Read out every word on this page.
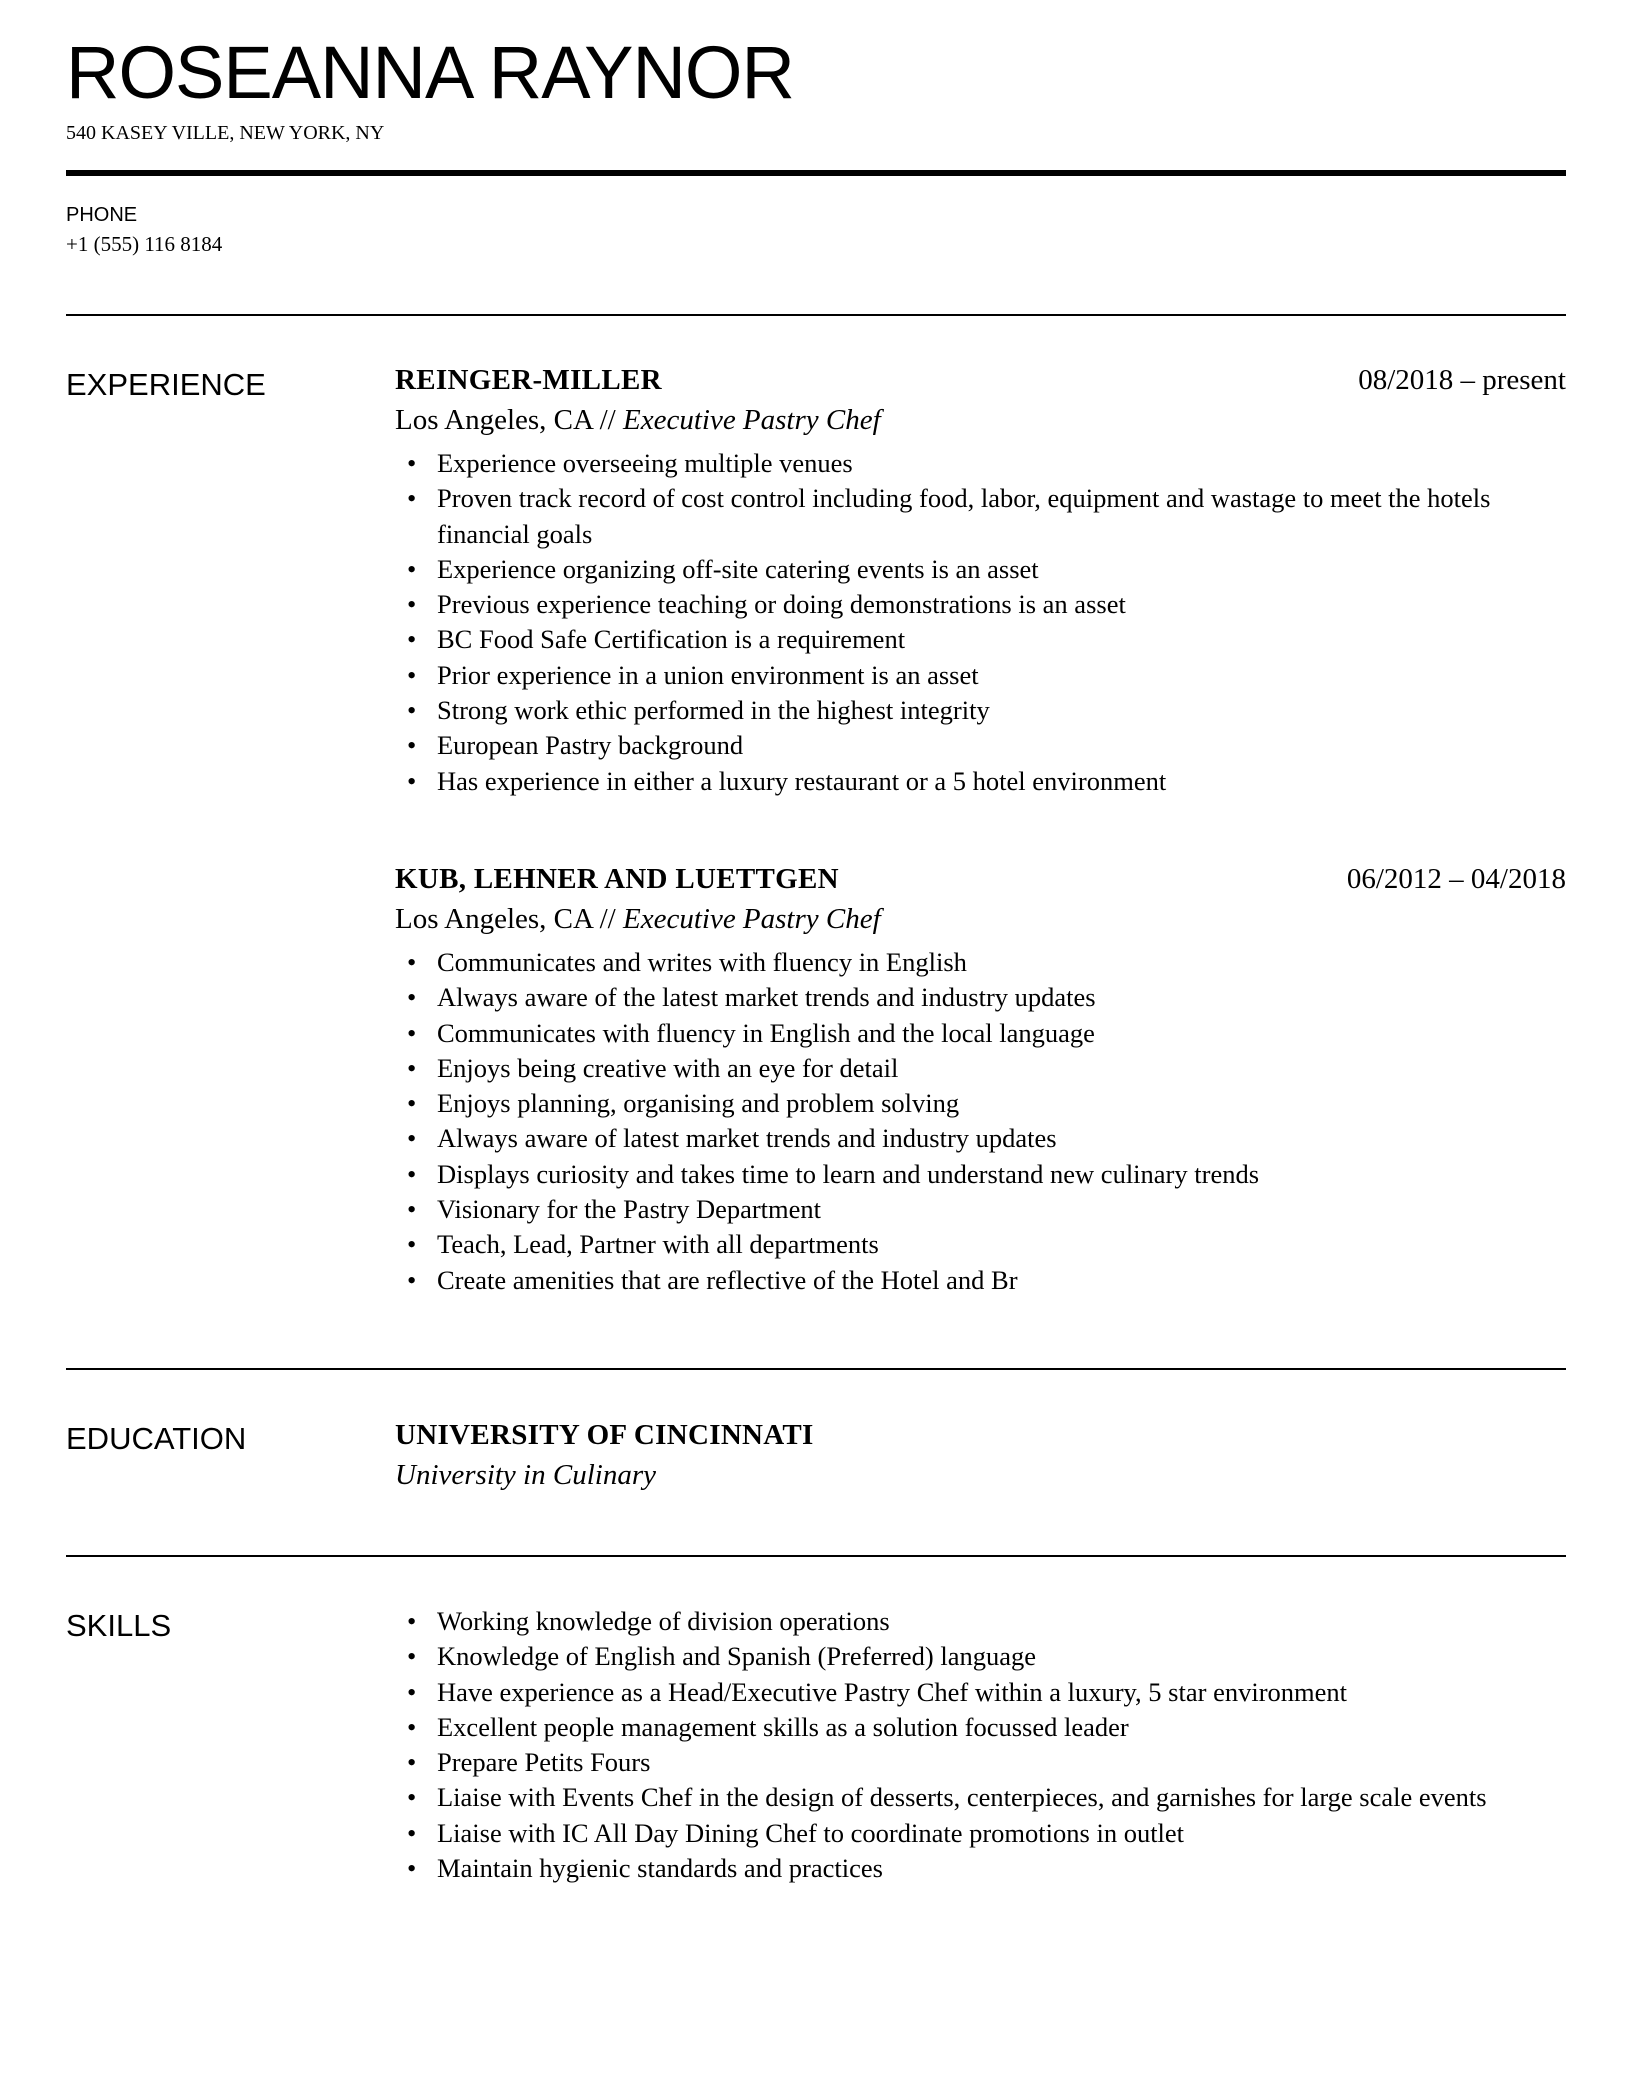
ROSEANNA RAYNOR
540 KASEY VILLE, NEW YORK, NY
PHONE
+1 (555) 116 8184
EXPERIENCE	REINGER-MILLER	08/2018 – present
Los Angeles, CA // Executive Pastry Chef
• Experience overseeing multiple venues
• Proven track record of cost control including food, labor, equipment and wastage to meet the hotels financial goals
• Experience organizing off-site catering events is an asset
• Previous experience teaching or doing demonstrations is an asset
• BC Food Safe Certification is a requirement
• Prior experience in a union environment is an asset
• Strong work ethic performed in the highest integrity
• European Pastry background
• Has experience in either a luxury restaurant or a 5 hotel environment
KUB, LEHNER AND LUETTGEN	06/2012 – 04/2018
Los Angeles, CA // Executive Pastry Chef
• Communicates and writes with fluency in English
• Always aware of the latest market trends and industry updates
• Communicates with fluency in English and the local language
• Enjoys being creative with an eye for detail
• Enjoys planning, organising and problem solving
• Always aware of latest market trends and industry updates
• Displays curiosity and takes time to learn and understand new culinary trends
• Visionary for the Pastry Department
• Teach, Lead, Partner with all departments
• Create amenities that are reflective of the Hotel and Br
EDUCATION	UNIVERSITY OF CINCINNATI
University in Culinary
SKILLS
•	Working knowledge of division operations
• Knowledge of English and Spanish (Preferred) language
• Have experience as a Head/Executive Pastry Chef within a luxury, 5 star environment
• Excellent people management skills as a solution focussed leader
• Prepare Petits Fours
• Liaise with Events Chef in the design of desserts, centerpieces, and garnishes for large scale events
• Liaise with IC All Day Dining Chef to coordinate promotions in outlet
• Maintain hygienic standards and practices
